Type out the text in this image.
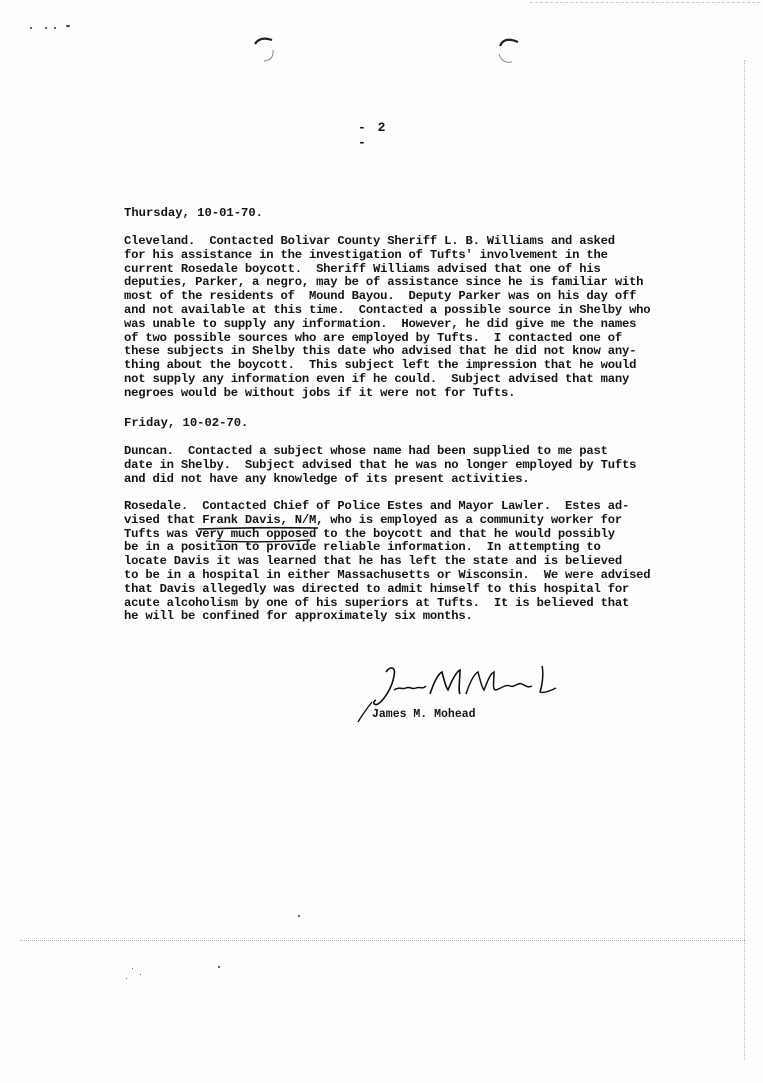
- 2 -
Thursday, 10-01-70.

Cleveland.  Contacted Bolivar County Sheriff L. B. Williams and asked
for his assistance in the investigation of Tufts' involvement in the
current Rosedale boycott.  Sheriff Williams advised that one of his
deputies, Parker, a negro, may be of assistance since he is familiar with
most of the residents of  Mound Bayou.  Deputy Parker was on his day off
and not available at this time.  Contacted a possible source in Shelby who
was unable to supply any information.  However, he did give me the names
of two possible sources who are employed by Tufts.  I contacted one of
these subjects in Shelby this date who advised that he did not know any-
thing about the boycott.  This subject left the impression that he would
not supply any information even if he could.  Subject advised that many
negroes would be without jobs if it were not for Tufts.

Friday, 10-02-70.

Duncan.  Contacted a subject whose name had been supplied to me past
date in Shelby.  Subject advised that he was no longer employed by Tufts
and did not have any knowledge of its present activities.

Rosedale.  Contacted Chief of Police Estes and Mayor Lawler.  Estes ad-
vised that Frank Davis, N/M, who is employed as a community worker for
Tufts was very much opposed to the boycott and that he would possibly
be in a position to provide reliable information.  In attempting to
locate Davis it was learned that he has left the state and is believed
to be in a hospital in either Massachusetts or Wisconsin.  We were advised
that Davis allegedly was directed to admit himself to this hospital for
acute alcoholism by one of his superiors at Tufts.  It is believed that
he will be confined for approximately six months.

James M. Mohead
